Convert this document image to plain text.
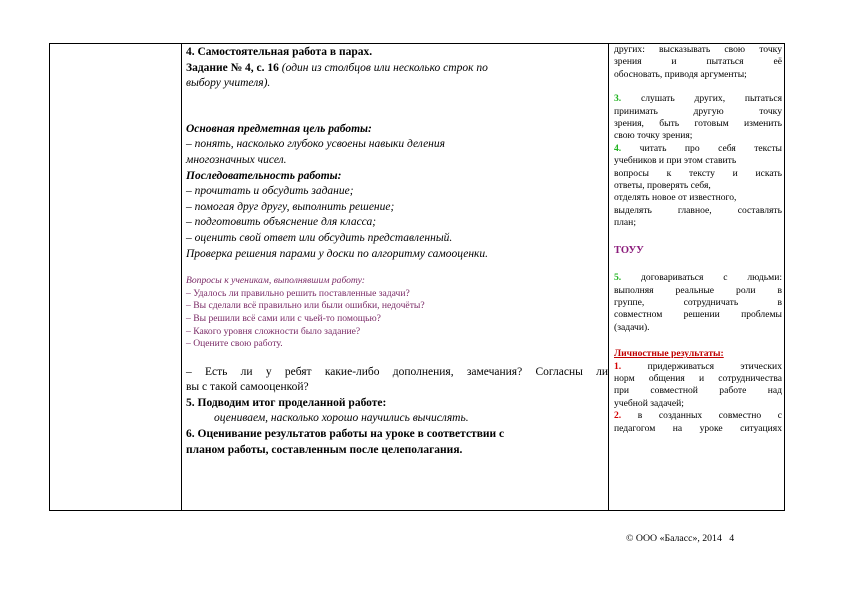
4. Самостоятельная работа в парах.
Задание № 4, с. 16 (один из столбцов или несколько строк по
выбору учителя).
Основная предметная цель работы:
– понять, насколько глубоко усвоены навыки деления
многозначных чисел.
Последовательность работы:
– прочитать и обсудить задание;
– помогая друг другу, выполнить решение;
– подготовить объяснение для класса;
– оценить свой ответ или обсудить представленный.
Проверка решения парами у доски по алгоритму самооценки.
Вопросы к ученикам, выполнявшим работу:
– Удалось ли правильно решить поставленные задачи?
– Вы сделали всё правильно или были ошибки, недочёты?
– Вы решили всё сами или с чьей-то помощью?
– Какого уровня сложности было задание?
– Оцените свою работу.
– Есть ли у ребят какие-либо дополнения, замечания? Согласны ли
вы с такой самооценкой?
5. Подводим итог проделанной работе:
оцениваем, насколько хорошо научились вычислять.
6. Оценивание результатов работы на уроке в соответствии с
планом работы, составленным после целеполагания.
других: высказывать свою точку
зрения и пытаться её
обосновать, приводя аргументы;
3. слушать других, пытаться
принимать другую точку
зрения, быть готовым изменить
свою точку зрения;
4. читать про себя тексты
учебников и при этом ставить
вопросы к тексту и искать
ответы, проверять себя,
отделять новое от известного,
выделять главное, составлять
план;
ТОУУ
5. договариваться с людьми:
выполняя реальные роли в
группе, сотрудничать в
совместном решении проблемы
(задачи).
Личностные результаты:
1. придерживаться этических
норм общения и сотрудничества
при совместной работе над
учебной задачей;
2. в созданных совместно с
педагогом на уроке ситуациях
© ООО «Баласс», 2014 4
